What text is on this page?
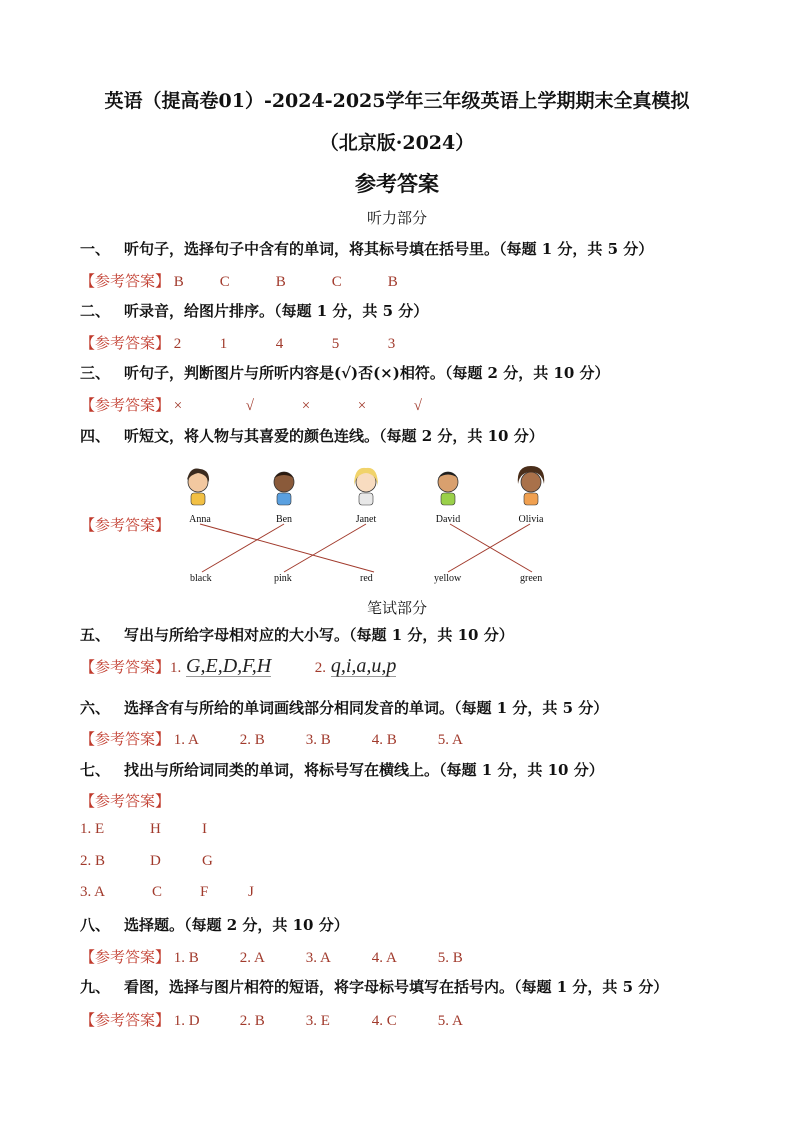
英语（提高卷01）-2024-2025学年三年级英语上学期期末全真模拟
（北京版·2024）
参考答案
听力部分
一、 听句子，选择句子中含有的单词，将其标号填在括号里。（每题 1 分，共 5 分）
【参考答案】 B C	B	C	B
二、 听录音，给图片排序。（每题 1 分，共 5 分）
【参考答案】 2	1	4	5	3
三、 听句子，判断图片与所听内容是(√)否(×)相符。（每题 2 分，共 10 分）
【参考答案】 ×	√	×	×	√
四、 听短文，将人物与其喜爱的颜色连线。（每题 2 分，共 10 分）
【参考答案】	Anna	Ben	Janet	David	Olivia
black	pink	red	yellow	green
笔试部分
五、 写出与所给字母相对应的大小写。（每题 1 分，共 10 分）
【参考答案】1. G,E,D,F,H	2. q,i,a,u,p
六、 选择含有与所给的单词画线部分相同发音的单词。（每题 1 分，共 5 分）
【参考答案】 1. A	2. B	3. B	4. B	5. A
七、 找出与所给词同类的单词，将标号写在横线上。（每题 1 分，共 10 分）
【参考答案】
1. E	H	I
2. B	D	G
3. A	C	F	J
八、 选择题。（每题 2 分，共 10 分）
【参考答案】 1. B	2. A	3. A	4. A	5. B
九、 看图，选择与图片相符的短语，将字母标号填写在括号内。（每题 1 分，共 5 分）
【参考答案】 1. D	2. B	3. E	4. C	5. A
